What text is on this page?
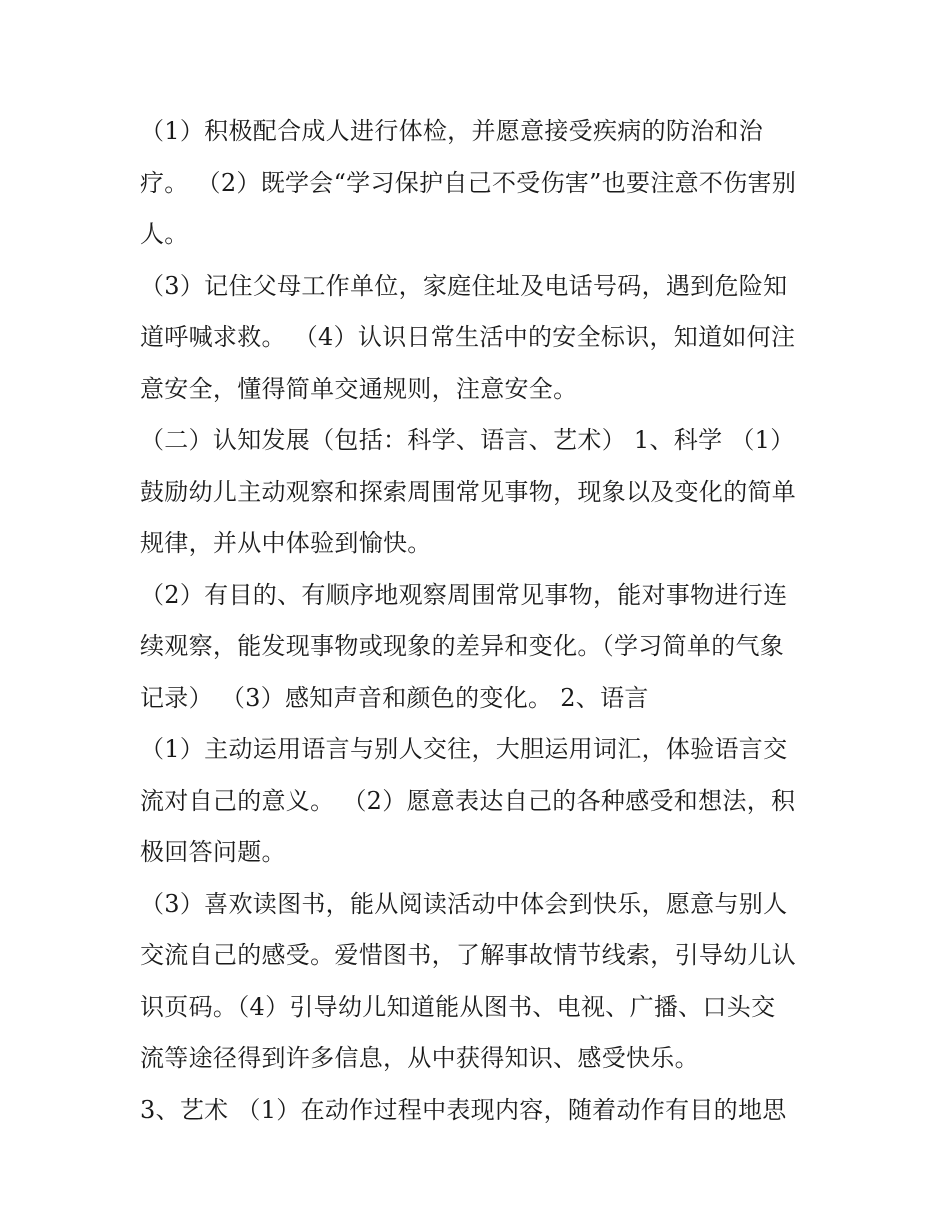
（1）积极配合成人进行体检，并愿意接受疾病的防治和治
疗。 （2）既学会“学习保护自己不受伤害”也要注意不伤害别
人。
（3）记住父母工作单位，家庭住址及电话号码，遇到危险知
道呼喊求救。 （4）认识日常生活中的安全标识，知道如何注
意安全，懂得简单交通规则，注意安全。
（二）认知发展（包括：科学、语言、艺术） 1、科学 （1）
鼓励幼儿主动观察和探索周围常见事物，现象以及变化的简单
规律，并从中体验到愉快。
（2）有目的、有顺序地观察周围常见事物，能对事物进行连
续观察，能发现事物或现象的差异和变化。（学习简单的气象
记录） （3）感知声音和颜色的变化。 2、语言
（1）主动运用语言与别人交往，大胆运用词汇，体验语言交
流对自己的意义。 （2）愿意表达自己的各种感受和想法，积
极回答问题。
（3）喜欢读图书，能从阅读活动中体会到快乐，愿意与别人
交流自己的感受。爱惜图书，了解事故情节线索，引导幼儿认
识页码。（4）引导幼儿知道能从图书、电视、广播、口头交
流等途径得到许多信息，从中获得知识、感受快乐。
3、艺术 （1）在动作过程中表现内容，随着动作有目的地思
